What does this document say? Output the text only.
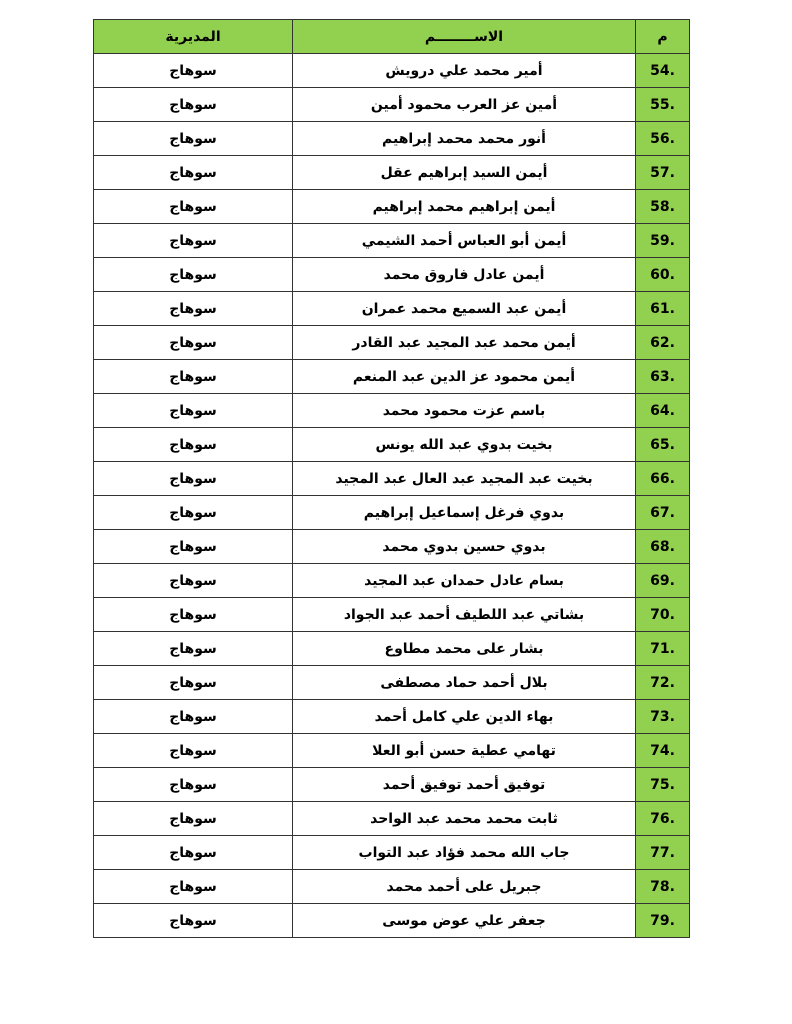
م	الاســــــــم	المديرية
54.	أمير محمد علي درويش	سوهاج
55.	أمين عز العرب محمود أمين	سوهاج
56.	أنور محمد محمد إبراهيم	سوهاج
57.	أيمن السيد إبراهيم عقل	سوهاج
58.	أيمن إبراهيم محمد إبراهيم	سوهاج
59.	أيمن أبو العباس أحمد الشيمي	سوهاج
60.	أيمن عادل فاروق محمد	سوهاج
61.	أيمن عبد السميع محمد عمران	سوهاج
62.	أيمن محمد عبد المجيد عبد القادر	سوهاج
63.	أيمن محمود عز الدين عبد المنعم	سوهاج
64.	باسم عزت محمود محمد	سوهاج
65.	بخيت بدوي عبد الله يونس	سوهاج
66.	بخيت عبد المجيد عبد العال عبد المجيد	سوهاج
67.	بدوي فرغل إسماعيل إبراهيم	سوهاج
68.	بدوي حسين بدوي محمد	سوهاج
69.	بسام عادل حمدان عبد المجيد	سوهاج
70.	بشاتي عبد اللطيف أحمد عبد الجواد	سوهاج
71.	بشار على محمد مطاوع	سوهاج
72.	بلال أحمد حماد مصطفى	سوهاج
73.	بهاء الدين علي كامل أحمد	سوهاج
74.	تهامي عطية حسن أبو العلا	سوهاج
75.	توفيق أحمد توفيق أحمد	سوهاج
76.	ثابت محمد محمد عبد الواحد	سوهاج
77.	جاب الله محمد فؤاد عبد التواب	سوهاج
78.	جبريل على أحمد محمد	سوهاج
79.	جعفر علي عوض موسى	سوهاج
